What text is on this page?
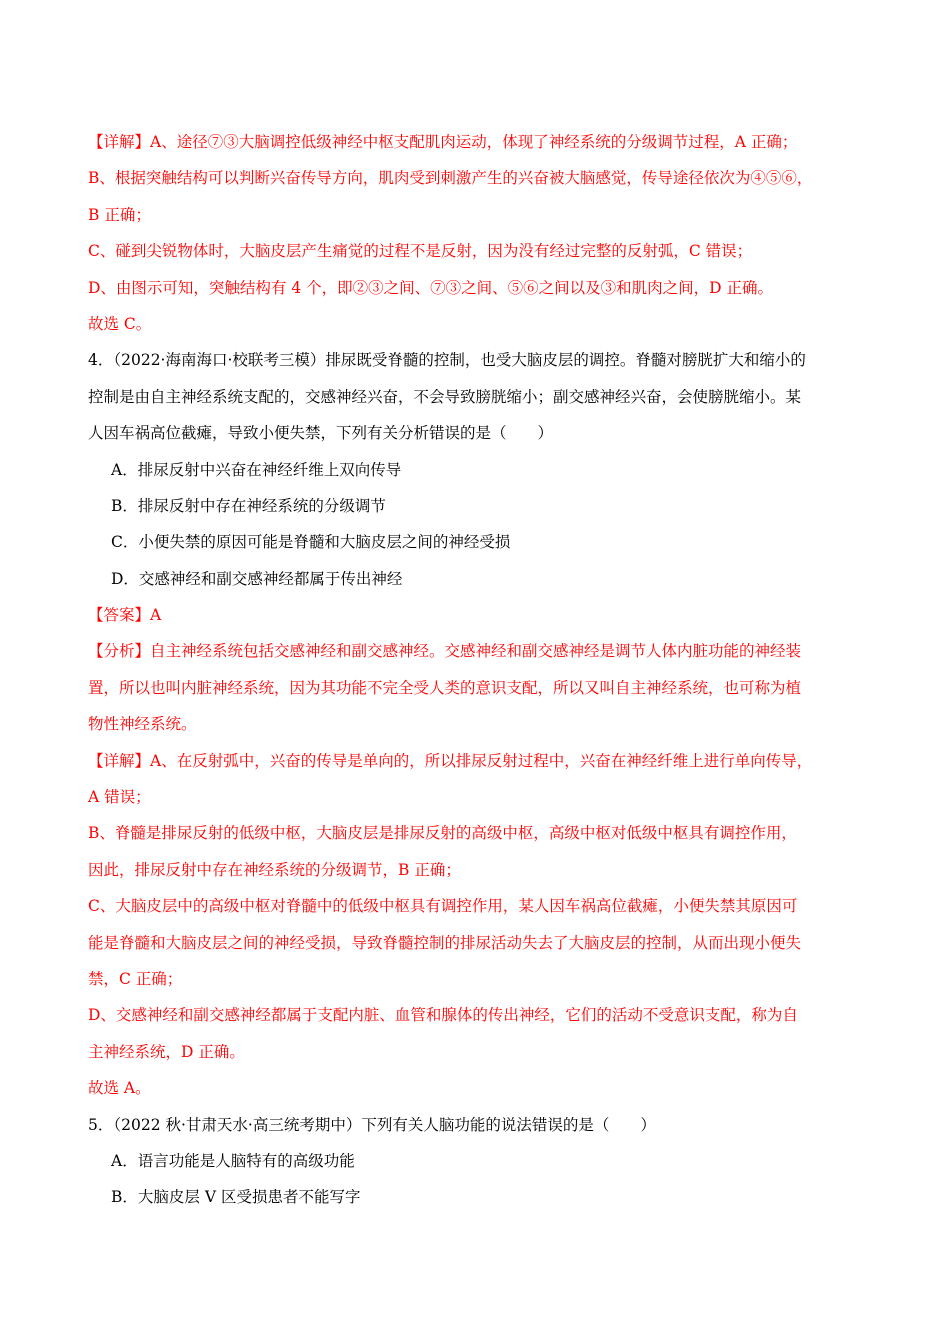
【详解】A、途径⑦③大脑调控低级神经中枢支配肌肉运动，体现了神经系统的分级调节过程，A 正确；
B、根据突触结构可以判断兴奋传导方向，肌肉受到刺激产生的兴奋被大脑感觉，传导途径依次为④⑤⑥，
B 正确；
C、碰到尖锐物体时，大脑皮层产生痛觉的过程不是反射，因为没有经过完整的反射弧，C 错误；
D、由图示可知，突触结构有 4 个，即②③之间、⑦③之间、⑤⑥之间以及③和肌肉之间，D 正确。
故选 C。
4．（2022·海南海口·校联考三模）排尿既受脊髓的控制，也受大脑皮层的调控。脊髓对膀胱扩大和缩小的
控制是由自主神经系统支配的，交感神经兴奋，不会导致膀胱缩小；副交感神经兴奋，会使膀胱缩小。某
人因车祸高位截瘫，导致小便失禁，下列有关分析错误的是（　　）
A．排尿反射中兴奋在神经纤维上双向传导
B．排尿反射中存在神经系统的分级调节
C．小便失禁的原因可能是脊髓和大脑皮层之间的神经受损
D．交感神经和副交感神经都属于传出神经
【答案】A
【分析】自主神经系统包括交感神经和副交感神经。交感神经和副交感神经是调节人体内脏功能的神经装
置，所以也叫内脏神经系统，因为其功能不完全受人类的意识支配，所以又叫自主神经系统，也可称为植
物性神经系统。
【详解】A、在反射弧中，兴奋的传导是单向的，所以排尿反射过程中，兴奋在神经纤维上进行单向传导，
A 错误；
B、脊髓是排尿反射的低级中枢，大脑皮层是排尿反射的高级中枢，高级中枢对低级中枢具有调控作用，
因此，排尿反射中存在神经系统的分级调节，B 正确；
C、大脑皮层中的高级中枢对脊髓中的低级中枢具有调控作用，某人因车祸高位截瘫，小便失禁其原因可
能是脊髓和大脑皮层之间的神经受损，导致脊髓控制的排尿活动失去了大脑皮层的控制，从而出现小便失
禁，C 正确；
D、交感神经和副交感神经都属于支配内脏、血管和腺体的传出神经，它们的活动不受意识支配，称为自
主神经系统，D 正确。
故选 A。
5．（2022 秋·甘肃天水·高三统考期中）下列有关人脑功能的说法错误的是（　　）
A．语言功能是人脑特有的高级功能
B．大脑皮层 V 区受损患者不能写字
